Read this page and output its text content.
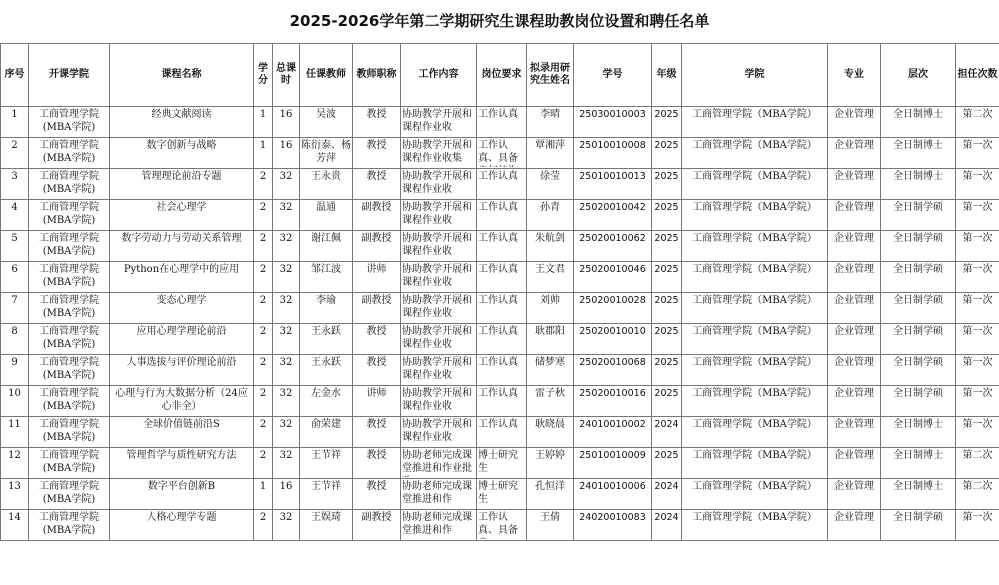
2025-2026学年第二学期研究生课程助教岗位设置和聘任名单
序号	开课学院	课程名称	学分	总课时	任课教师	教师职称	工作内容	岗位要求	拟录用研究生姓名	学号	年级	学院	专业	层次	担任次数

1	工商管理学院(MBA学院)	经典文献阅读	1	16	吴波	教授	协助教学开展和课程作业收	工作认真	李晴	25030010003	2025	工商管理学院（MBA学院）	企业管理	全日制博士	第二次

2	工商管理学院(MBA学院)	数字创新与战略	1	16	陈衍泰、杨芳萍	教授	协助教学开展和课程作业收集	工作认真、具备	覃湘萍	25010010008	2025	工商管理学院（MBA学院）	企业管理	全日制博士	第一次

3	工商管理学院(MBA学院)	管理理论前沿专题	2	32	王永贵	教授	协助教学开展和课程作业收	工作认真	徐莹	25010010013	2025	工商管理学院（MBA学院）	企业管理	全日制博士	第一次

4	工商管理学院(MBA学院)	社会心理学	2	32	温通	副教授	协助教学开展和课程作业收	工作认真	孙青	25020010042	2025	工商管理学院（MBA学院）	企业管理	全日制学硕	第一次

5	工商管理学院(MBA学院)	数字劳动力与劳动关系管理	2	32	谢江佩	副教授	协助教学开展和课程作业收	工作认真	朱航剑	25020010062	2025	工商管理学院（MBA学院）	企业管理	全日制学硕	第一次

6	工商管理学院(MBA学院)	Python在心理学中的应用	2	32	邹江波	讲师	协助教学开展和课程作业收	工作认真	王文君	25020010046	2025	工商管理学院（MBA学院）	企业管理	全日制学硕	第一次

7	工商管理学院(MBA学院)	变态心理学	2	32	李瑜	副教授	协助教学开展和课程作业收	工作认真	刘帅	25020010028	2025	工商管理学院（MBA学院）	企业管理	全日制学硕	第一次

8	工商管理学院(MBA学院)	应用心理学理论前沿	2	32	王永跃	教授	协助教学开展和课程作业收	工作认真	耿郡阳	25020010010	2025	工商管理学院（MBA学院）	企业管理	全日制学硕	第一次

9	工商管理学院(MBA学院)	人事选拔与评价理论前沿	2	32	王永跃	教授	协助教学开展和课程作业收	工作认真	储梦寒	25020010068	2025	工商管理学院（MBA学院）	企业管理	全日制学硕	第一次

10	工商管理学院(MBA学院)	心理与行为大数据分析（24应心非全）	2	32	左金水	讲师	协助教学开展和课程作业收	工作认真	雷子秋	25020010016	2025	工商管理学院（MBA学院）	企业管理	全日制学硕	第一次

11	工商管理学院(MBA学院)	全球价值链前沿S	2	32	俞荣建	教授	协助教学开展和课程作业收	工作认真	耿晓晨	24010010002	2024	工商管理学院（MBA学院）	企业管理	全日制博士	第一次

12	工商管理学院(MBA学院)	管理哲学与质性研究方法	2	32	王节祥	教授	协助老师完成课堂推进和作业批	博士研究生	王婷婷	25010010009	2025	工商管理学院（MBA学院）	企业管理	全日制博士	第二次

13	工商管理学院(MBA学院)	数字平台创新B	1	16	王节祥	教授	协助老师完成课堂推进和作	博士研究生	孔恒洋	24010010006	2024	工商管理学院（MBA学院）	企业管理	全日制博士	第二次

14	工商管理学院(MBA学院)	人格心理学专题	2	32	王娱琦	副教授	协助老师完成课堂推进和作	工作认真、具备	王倩	24020010083	2024	工商管理学院（MBA学院）	企业管理	全日制学硕	第一次
